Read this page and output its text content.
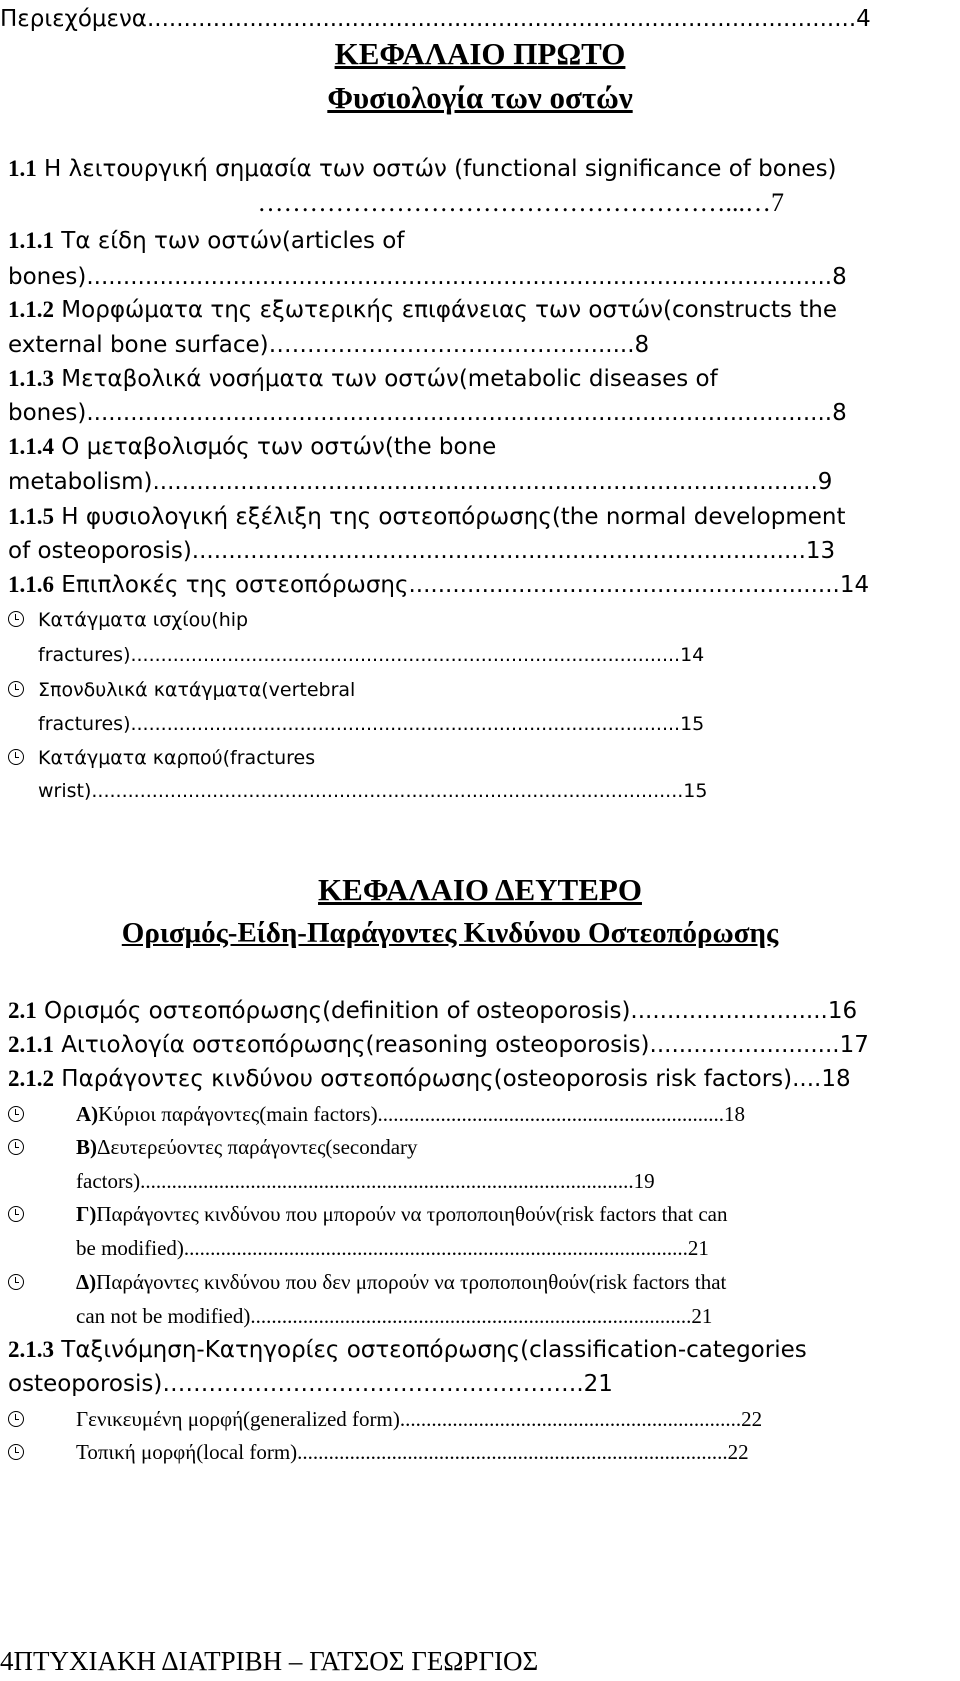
Περιεχόμενα.................................................................................................4
ΚΕΦΑΛΑΙΟ ΠΡΩΤΟ
Φυσιολογία των οστών
1.1 Η λειτουργική σημασία των οστών (functional significance of bones)
………………………………………………...…7
1.1.1 Τα είδη των οστών(articles of
bones)......................................................................................................8
1.1.2 Μορφώματα της εξωτερικής επιφάνειας των οστών(constructs the
external bone surface)……………………………………......8
1.1.3 Μεταβολικά νοσήματα των οστών(metabolic diseases of
bones)......................................................................................................8
1.1.4 Ο μεταβολισμός των οστών(the bone
metabolism)...........................................................................................9
1.1.5 Η φυσιολογική εξέλιξη της οστεοπόρωσης(the normal development
of osteoporosis)....................................................................................13
1.1.6 Επιπλοκές της οστεοπόρωσης...........................................................14
Κατάγματα ισχίου(hip
fractures)...........................................................................................14
Σπονδυλικά κατάγματα(vertebral
fractures)...........................................................................................15
Κατάγματα καρπού(fractures
wrist)..................................................................................................15
ΚΕΦΑΛΑΙΟ ΔΕΥΤΕΡΟ
Ορισμός-Είδη-Παράγοντες Κινδύνου Οστεοπόρωσης
2.1 Ορισμός οστεοπόρωσης(definition of osteoporosis)...........................16
2.1.1 Αιτιολογία οστεοπόρωσης(reasoning osteoporosis)..........................17
2.1.2 Παράγοντες κινδύνου οστεοπόρωσης(osteoporosis risk factors)....18
Α)Κύριοι παράγοντες(main factors)..................................................................18
Β)Δευτερεύοντες παράγοντες(secondary
factors)..............................................................................................19
Γ)Παράγοντες κινδύνου που μπορούν να τροποποιηθούν(risk factors that can
be modified)................................................................................................21
Δ)Παράγοντες κινδύνου που δεν μπορούν να τροποποιηθούν(risk factors that
can not be modified)....................................................................................21
2.1.3 Ταξινόμηση-Κατηγορίες οστεοπόρωσης(classification-categories
osteoporosis)……………………………………………….21
Γενικευμένη μορφή(generalized form).................................................................22
Τοπική μορφή(local form)..................................................................................22
4ΠΤΥΧΙΑΚΗ ΔΙΑΤΡΙΒΗ – ΓΑΤΣΟΣ ΓΕΩΡΓΙΟΣ
